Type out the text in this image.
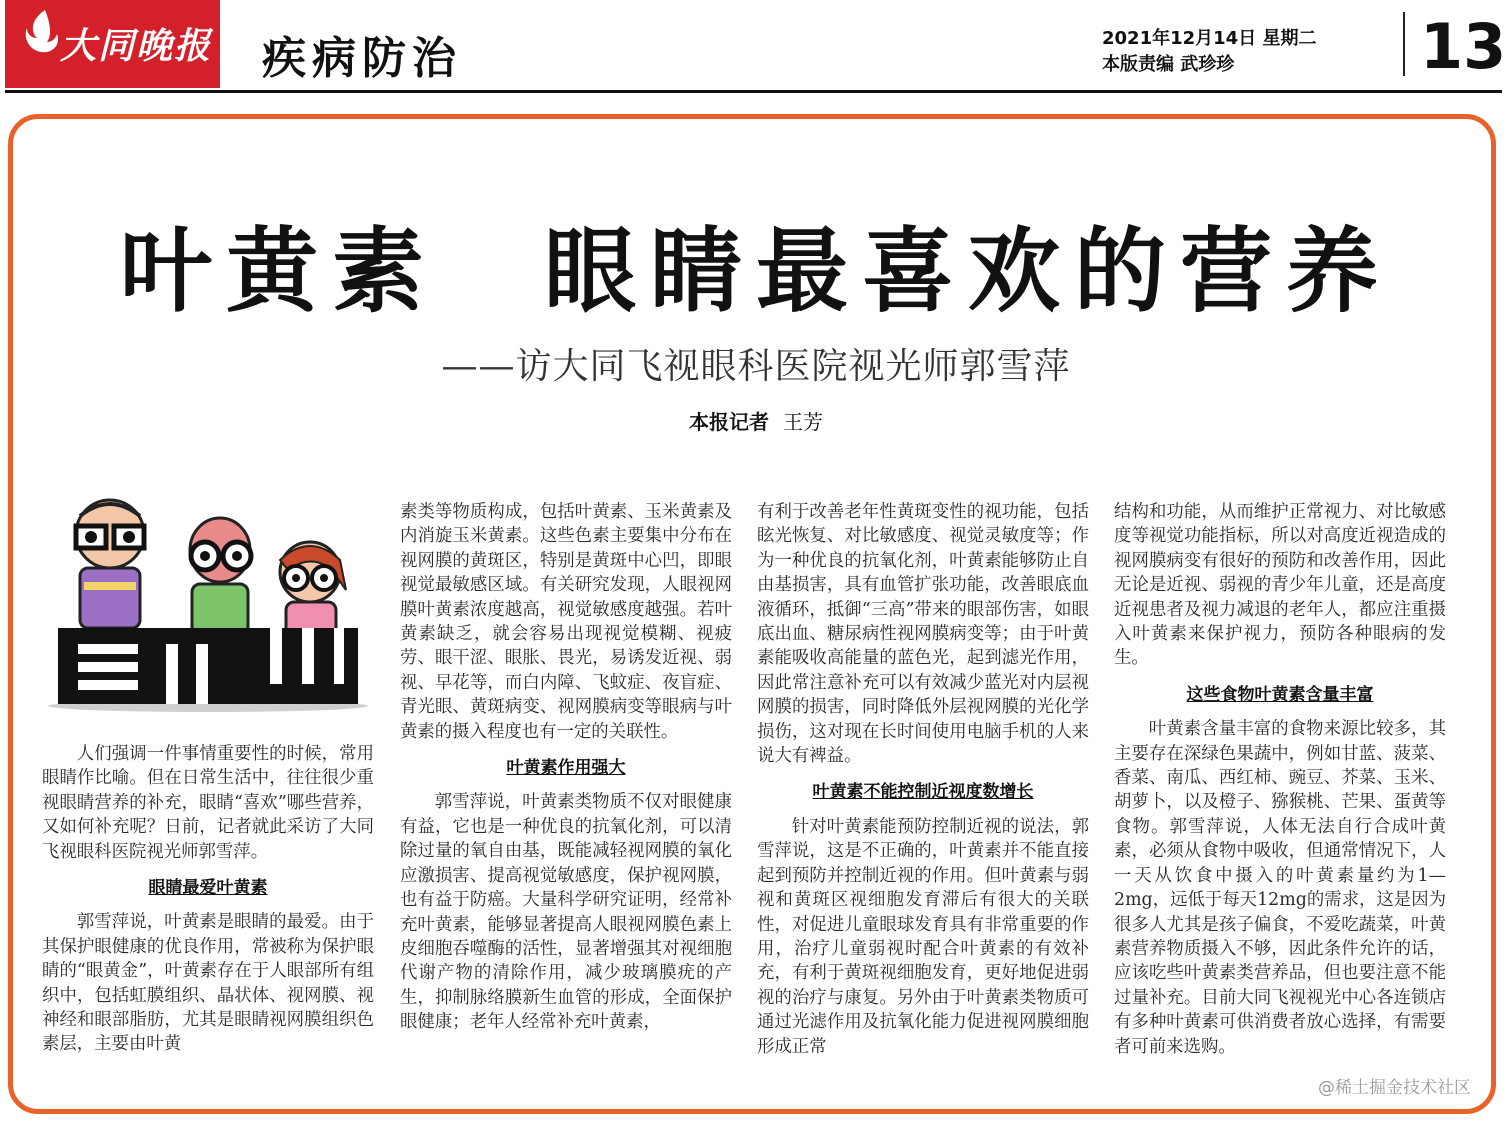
大同晚报 疾病防治	2021年12月14日 星期二
本版责编 武珍珍	13
叶黄素　眼睛最喜欢的营养
——访大同飞视眼科医院视光师郭雪萍
本报记者 王芳

人们强调一件事情重要性的时候，常用眼睛作比喻。但在日常生活中，往往很少重视眼睛营养的补充，眼睛“喜欢”哪些营养，又如何补充呢？日前，记者就此采访了大同飞视眼科医院视光师郭雪萍。

眼睛最爱叶黄素

郭雪萍说，叶黄素是眼睛的最爱。由于其保护眼健康的优良作用，常被称为保护眼睛的“眼黄金”，叶黄素存在于人眼部所有组织中，包括虹膜组织、晶状体、视网膜、视神经和眼部脂肪，尤其是眼睛视网膜组织色素层，主要由叶黄

素类等物质构成，包括叶黄素、玉米黄素及内消旋玉米黄素。这些色素主要集中分布在视网膜的黄斑区，特别是黄斑中心凹，即眼视觉最敏感区域。有关研究发现，人眼视网膜叶黄素浓度越高，视觉敏感度越强。若叶黄素缺乏，就会容易出现视觉模糊、视疲劳、眼干涩、眼胀、畏光，易诱发近视、弱视、早花等，而白内障、飞蚊症、夜盲症、青光眼、黄斑病变、视网膜病变等眼病与叶黄素的摄入程度也有一定的关联性。

叶黄素作用强大

郭雪萍说，叶黄素类物质不仅对眼健康有益，它也是一种优良的抗氧化剂，可以清除过量的氧自由基，既能减轻视网膜的氧化应激损害、提高视觉敏感度，保护视网膜，也有益于防癌。大量科学研究证明，经常补充叶黄素，能够显著提高人眼视网膜色素上皮细胞吞噬酶的活性，显著增强其对视细胞代谢产物的清除作用，减少玻璃膜疣的产生，抑制脉络膜新生血管的形成，全面保护眼健康；老年人经常补充叶黄素，

有利于改善老年性黄斑变性的视功能，包括眩光恢复、对比敏感度、视觉灵敏度等；作为一种优良的抗氧化剂，叶黄素能够防止自由基损害，具有血管扩张功能，改善眼底血液循环，抵御“三高”带来的眼部伤害，如眼底出血、糖尿病性视网膜病变等；由于叶黄素能吸收高能量的蓝色光，起到滤光作用，因此常注意补充可以有效减少蓝光对内层视网膜的损害，同时降低外层视网膜的光化学损伤，这对现在长时间使用电脑手机的人来说大有裨益。

叶黄素不能控制近视度数增长

针对叶黄素能预防控制近视的说法，郭雪萍说，这是不正确的，叶黄素并不能直接起到预防并控制近视的作用。但叶黄素与弱视和黄斑区视细胞发育滞后有很大的关联性，对促进儿童眼球发育具有非常重要的作用，治疗儿童弱视时配合叶黄素的有效补充，有利于黄斑视细胞发育，更好地促进弱视的治疗与康复。另外由于叶黄素类物质可通过光滤作用及抗氧化能力促进视网膜细胞形成正常

结构和功能，从而维护正常视力、对比敏感度等视觉功能指标，所以对高度近视造成的视网膜病变有很好的预防和改善作用，因此无论是近视、弱视的青少年儿童，还是高度近视患者及视力减退的老年人，都应注重摄入叶黄素来保护视力，预防各种眼病的发生。

这些食物叶黄素含量丰富

叶黄素含量丰富的食物来源比较多，其主要存在深绿色果蔬中，例如甘蓝、菠菜、香菜、南瓜、西红柿、豌豆、芥菜、玉米、胡萝卜，以及橙子、猕猴桃、芒果、蛋黄等食物。郭雪萍说，人体无法自行合成叶黄素，必须从食物中吸收，但通常情况下，人一天从饮食中摄入的叶黄素量约为1—2mg，远低于每天12mg的需求，这是因为很多人尤其是孩子偏食，不爱吃蔬菜，叶黄素营养物质摄入不够，因此条件允许的话，应该吃些叶黄素类营养品，但也要注意不能过量补充。目前大同飞视视光中心各连锁店有多种叶黄素可供消费者放心选择，有需要者可前来选购。

@稀土掘金技术社区
